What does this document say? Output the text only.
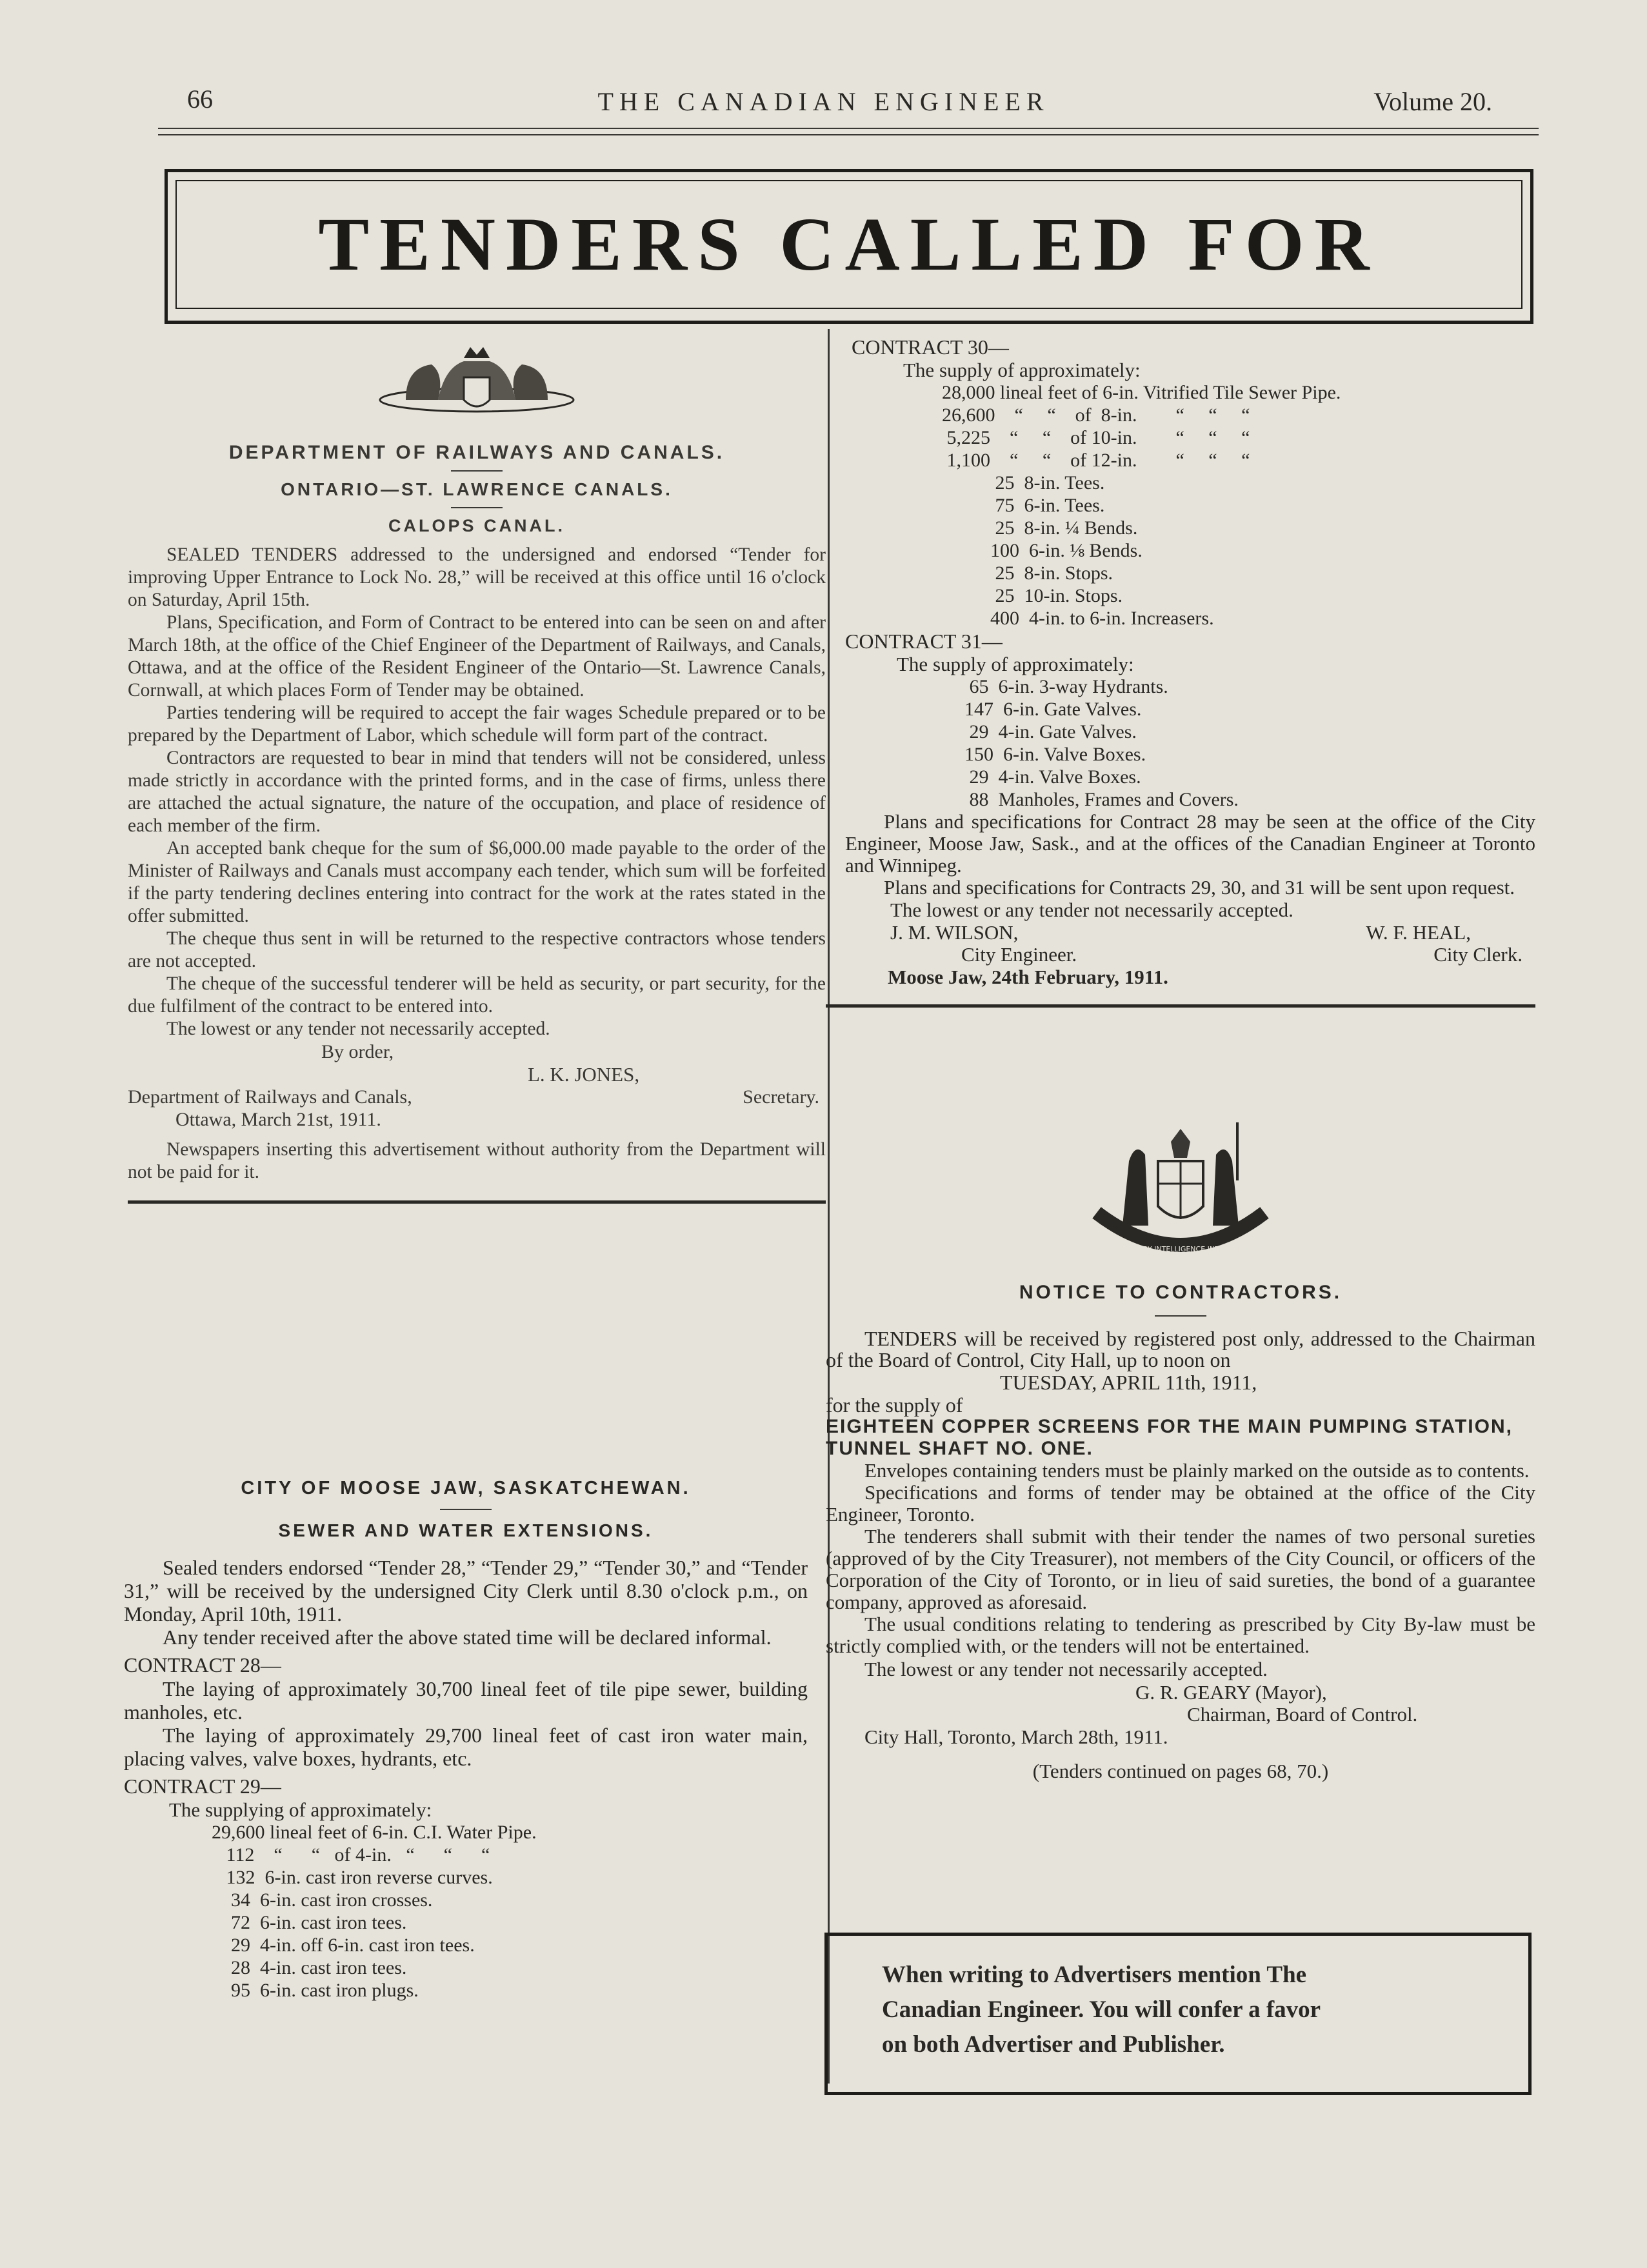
66	THE CANADIAN ENGINEER	Volume 20.
TENDERS CALLED FOR
DEPARTMENT OF RAILWAYS AND CANALS.
ONTARIO—ST. LAWRENCE CANALS.
CALOPS CANAL.

SEALED TENDERS addressed to the undersigned and endorsed “Tender for improving Upper Entrance to Lock No. 28,” will be received at this office until 16 o'clock on Saturday, April 15th.

Plans, Specification, and Form of Contract to be entered into can be seen on and after March 18th, at the office of the Chief Engineer of the Department of Railways, and Canals, Ottawa, and at the office of the Resident Engineer of the Ontario—St. Lawrence Canals, Cornwall, at which places Form of Tender may be obtained.

Parties tendering will be required to accept the fair wages Schedule prepared or to be prepared by the Department of Labor, which schedule will form part of the contract.

Contractors are requested to bear in mind that tenders will not be considered, unless made strictly in accordance with the printed forms, and in the case of firms, unless there are attached the actual signature, the nature of the occupation, and place of residence of each member of the firm.

An accepted bank cheque for the sum of $6,000.00 made payable to the order of the Minister of Railways and Canals must accompany each tender, which sum will be forfeited if the party tendering declines entering into contract for the work at the rates stated in the offer submitted.

The cheque thus sent in will be returned to the respective contractors whose tenders are not accepted.

The cheque of the successful tenderer will be held as security, or part security, for the due fulfilment of the contract to be entered into.

The lowest or any tender not necessarily accepted.

By order,
L. K. JONES,
Department of Railways and Canals,	Secretary.
Ottawa, March 21st, 1911.

Newspapers inserting this advertisement without authority from the Department will not be paid for it.

CITY OF MOOSE JAW, SASKATCHEWAN.
SEWER AND WATER EXTENSIONS.

Sealed tenders endorsed “Tender 28,” “Tender 29,” “Tender 30,” and “Tender 31,” will be received by the undersigned City Clerk until 8.30 o'clock p.m., on Monday, April 10th, 1911.

Any tender received after the above stated time will be declared informal.

CONTRACT 28—

The laying of approximately 30,700 lineal feet of tile pipe sewer, building manholes, etc.

The laying of approximately 29,700 lineal feet of cast iron water main, placing valves, valve boxes, hydrants, etc.

CONTRACT 29—
The supplying of approximately:
29,600 lineal feet of 6-in. C.I. Water Pipe.
112    “      “   of 4-in.   “      “      “
132  6-in. cast iron reverse curves.
34  6-in. cast iron crosses.
72  6-in. cast iron tees.
29  4-in. off 6-in. cast iron tees.
28  4-in. cast iron tees.
95  6-in. cast iron plugs.
CONTRACT 30—
The supply of approximately:
28,000 lineal feet of 6-in. Vitrified Tile Sewer Pipe.
26,600    “     “    of  8-in.        “     “     “
5,225    “     “    of 10-in.        “     “     “
1,100    “     “    of 12-in.        “     “     “
25  8-in. Tees.
75  6-in. Tees.
25  8-in. ¼ Bends.
100  6-in. ⅛ Bends.
25  8-in. Stops.
25  10-in. Stops.
400  4-in. to 6-in. Increasers.
CONTRACT 31—
The supply of approximately:
65  6-in. 3-way Hydrants.
147  6-in. Gate Valves.
29  4-in. Gate Valves.
150  6-in. Valve Boxes.
29  4-in. Valve Boxes.
88  Manholes, Frames and Covers.

Plans and specifications for Contract 28 may be seen at the office of the City Engineer, Moose Jaw, Sask., and at the offices of the Canadian Engineer at Toronto and Winnipeg.

Plans and specifications for Contracts 29, 30, and 31 will be sent upon request.

The lowest or any tender not necessarily accepted.
J. M. WILSON,	W. F. HEAL,
City Engineer.	City Clerk.
Moose Jaw, 24th February, 1911.
INDUSTRY INTELLIGENCE INTEGRITY
NOTICE TO CONTRACTORS.

TENDERS will be received by registered post only, addressed to the Chairman of the Board of Control, City Hall, up to noon on

TUESDAY, APRIL 11th, 1911,
for the supply of
EIGHTEEN COPPER SCREENS FOR THE MAIN PUMPING STATION, TUNNEL SHAFT NO. ONE.

Envelopes containing tenders must be plainly marked on the outside as to contents.

Specifications and forms of tender may be obtained at the office of the City Engineer, Toronto.

The tenderers shall submit with their tender the names of two personal sureties (approved of by the City Treasurer), not members of the City Council, or officers of the Corporation of the City of Toronto, or in lieu of said sureties, the bond of a guarantee company, approved as aforesaid.

The usual conditions relating to tendering as prescribed by City By-law must be strictly complied with, or the tenders will not be entertained.

The lowest or any tender not necessarily accepted.
G. R. GEARY (Mayor),
Chairman, Board of Control.
City Hall, Toronto, March 28th, 1911.
(Tenders continued on pages 68, 70.)
When writing to Advertisers mention The
Canadian Engineer. You will confer a favor
on both Advertiser and Publisher.
